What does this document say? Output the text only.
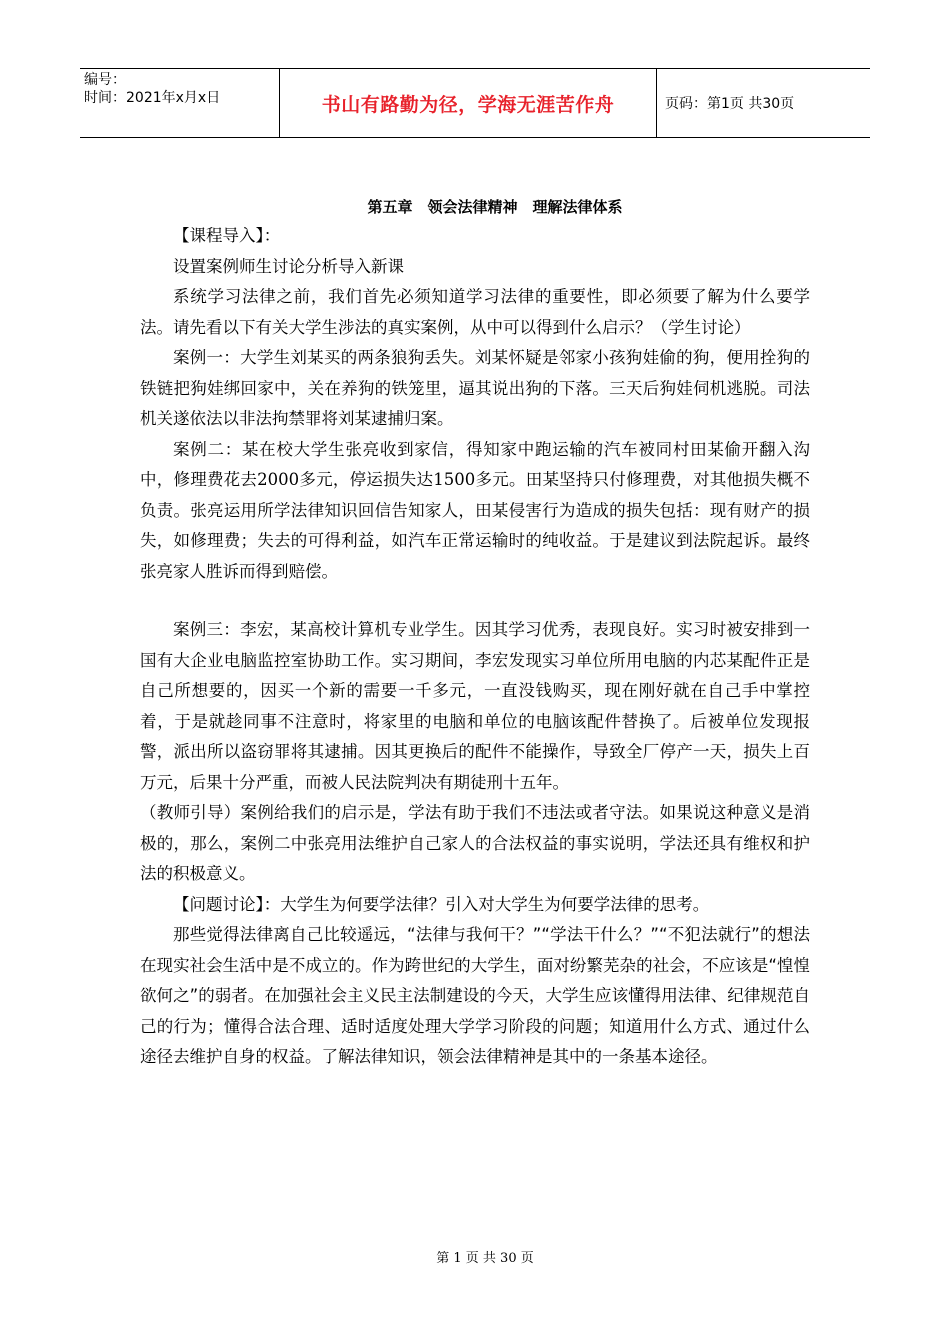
编号：
时间：2021年x月x日	书山有路勤为径，学海无涯苦作舟	页码：第1页 共30页
第五章　领会法律精神　理解法律体系

【课程导入】：

设置案例师生讨论分析导入新课

系统学习法律之前，我们首先必须知道学习法律的重要性，即必须要了解为什么要学法。请先看以下有关大学生涉法的真实案例，从中可以得到什么启示？（学生讨论）

案例一：大学生刘某买的两条狼狗丢失。刘某怀疑是邻家小孩狗娃偷的狗，便用拴狗的铁链把狗娃绑回家中，关在养狗的铁笼里，逼其说出狗的下落。三天后狗娃伺机逃脱。司法机关遂依法以非法拘禁罪将刘某逮捕归案。

案例二：某在校大学生张亮收到家信，得知家中跑运输的汽车被同村田某偷开翻入沟中，修理费花去2000多元，停运损失达1500多元。田某坚持只付修理费，对其他损失概不负责。张亮运用所学法律知识回信告知家人，田某侵害行为造成的损失包括：现有财产的损失，如修理费；失去的可得利益，如汽车正常运输时的纯收益。于是建议到法院起诉。最终张亮家人胜诉而得到赔偿。

案例三：李宏，某高校计算机专业学生。因其学习优秀，表现良好。实习时被安排到一国有大企业电脑监控室协助工作。实习期间，李宏发现实习单位所用电脑的内芯某配件正是自己所想要的，因买一个新的需要一千多元，一直没钱购买，现在刚好就在自己手中掌控着，于是就趁同事不注意时，将家里的电脑和单位的电脑该配件替换了。后被单位发现报警，派出所以盗窃罪将其逮捕。因其更换后的配件不能操作，导致全厂停产一天，损失上百万元，后果十分严重，而被人民法院判决有期徒刑十五年。

（教师引导）案例给我们的启示是，学法有助于我们不违法或者守法。如果说这种意义是消极的，那么，案例二中张亮用法维护自己家人的合法权益的事实说明，学法还具有维权和护法的积极意义。

【问题讨论】：大学生为何要学法律？引入对大学生为何要学法律的思考。

那些觉得法律离自己比较遥远，“法律与我何干？”“学法干什么？”“不犯法就行”的想法在现实社会生活中是不成立的。作为跨世纪的大学生，面对纷繁芜杂的社会，不应该是“惶惶欲何之”的弱者。在加强社会主义民主法制建设的今天，大学生应该懂得用法律、纪律规范自己的行为；懂得合法合理、适时适度处理大学学习阶段的问题；知道用什么方式、通过什么途径去维护自身的权益。了解法律知识，领会法律精神是其中的一条基本途径。

第 1 页 共 30 页
